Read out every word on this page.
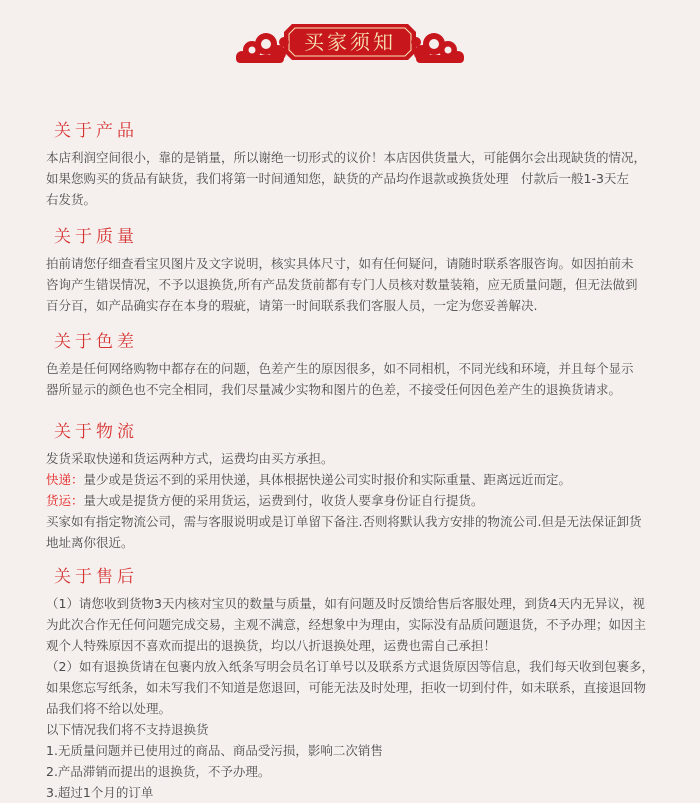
买家须知
关于产品

本店利润空间很小，靠的是销量，所以谢绝一切形式的议价！本店因供货量大，可能偶尔会出现缺货的情况，

如果您购买的货品有缺货，我们将第一时间通知您，缺货的产品均作退款或换货处理　付款后一般1-3天左

右发货。

关于质量

拍前请您仔细查看宝贝图片及文字说明，核实具体尺寸，如有任何疑问，请随时联系客服咨询。如因拍前未

咨询产生错误情况，不予以退换货,所有产品发货前都有专门人员核对数量装箱，应无质量问题，但无法做到

百分百，如产品确实存在本身的瑕疵，请第一时间联系我们客服人员，一定为您妥善解决.

关于色差

色差是任何网络购物中都存在的问题，色差产生的原因很多，如不同相机，不同光线和环境，并且每个显示

器所显示的颜色也不完全相同，我们尽量减少实物和图片的色差，不接受任何因色差产生的退换货请求。

关于物流

发货采取快递和货运两种方式，运费均由买方承担。

快递：量少或是货运不到的采用快递，具体根据快递公司实时报价和实际重量、距离远近而定。

货运：量大或是提货方便的采用货运，运费到付，收货人要拿身份证自行提货。

买家如有指定物流公司，需与客服说明或是订单留下备注.否则将默认我方安排的物流公司.但是无法保证卸货

地址离你很近。

关于售后

（1）请您收到货物3天内核对宝贝的数量与质量，如有问题及时反馈给售后客服处理，到货4天内无异议，视

为此次合作无任何问题完成交易，主观不满意，经想象中为理由，实际没有品质问题退货，不予办理；如因主

观个人特殊原因不喜欢而提出的退换货，均以八折退换处理，运费也需自己承担！

（2）如有退换货请在包裹内放入纸条写明会员名订单号以及联系方式退货原因等信息，我们每天收到包裹多，

如果您忘写纸条，如未写我们不知道是您退回，可能无法及时处理，拒收一切到付件，如未联系，直接退回物

品我们将不给以处理。

以下情况我们将不支持退换货

1.无质量问题并已使用过的商品、商品受污损，影响二次销售

2.产品滞销而提出的退换货，不予办理。

3.超过1个月的订单
